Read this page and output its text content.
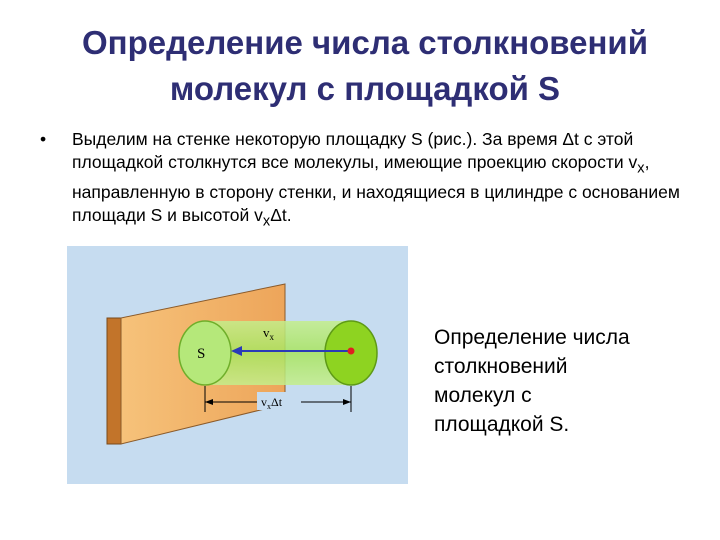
Определение числа столкновений
молекул с площадкой S
• Выделим на стенке некоторую площадку S (рис.). За время Δt с этой площадкой столкнутся все молекулы, имеющие проекцию скорости $v_x$, направленную в сторону стенки, и находящиеся в цилиндре с основанием площади S и высотой $v_x\Delta t$.
S
$v_x$
$v_x\Delta t$
Определение числа
столкновений
молекул с
площадкой S.
